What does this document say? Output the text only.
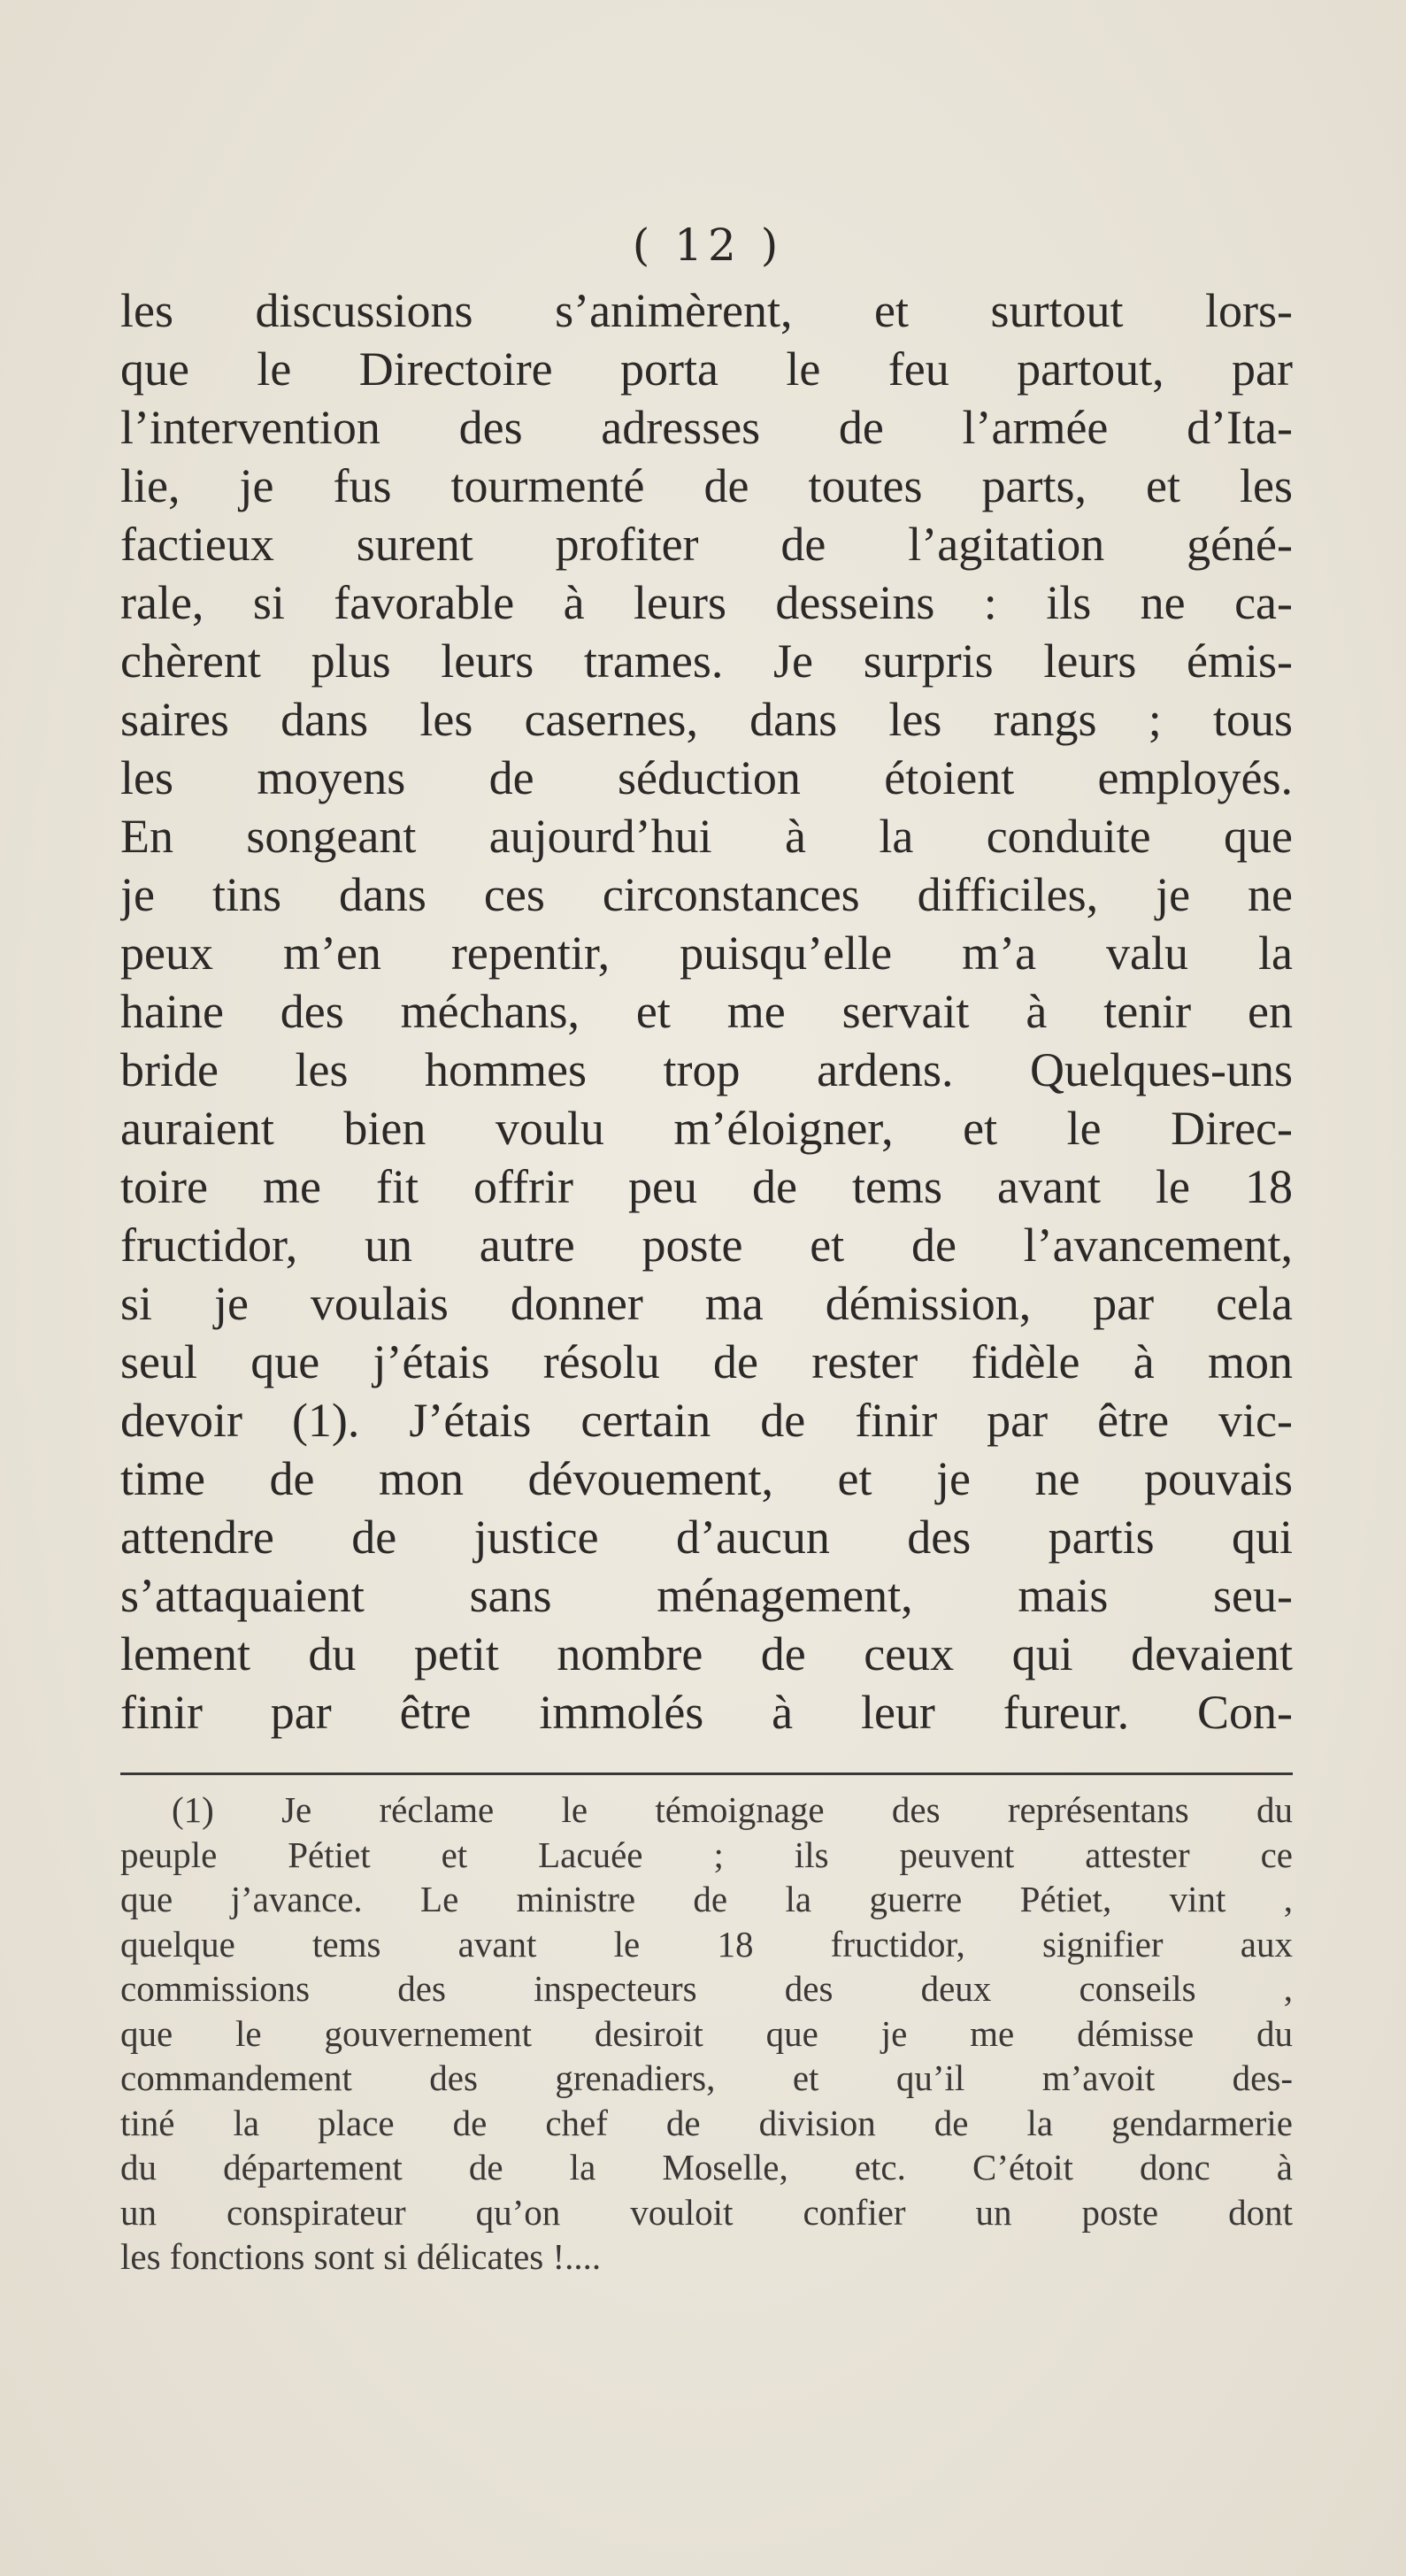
( 12 )
les discussions s’animèrent, et surtout lors-
que le Directoire porta le feu partout, par
l’intervention des adresses de l’armée d’Ita-
lie, je fus tourmenté de toutes parts, et les
factieux surent profiter de l’agitation géné-
rale, si favorable à leurs desseins : ils ne ca-
chèrent plus leurs trames. Je surpris leurs émis-
saires dans les casernes, dans les rangs ; tous
les moyens de séduction étoient employés.
En songeant aujourd’hui à la conduite que
je tins dans ces circonstances difficiles, je ne
peux m’en repentir, puisqu’elle m’a valu la
haine des méchans, et me servait à tenir en
bride les hommes trop ardens. Quelques-uns
auraient bien voulu m’éloigner, et le Direc-
toire me fit offrir peu de tems avant le 18
fructidor, un autre poste et de l’avancement,
si je voulais donner ma démission, par cela
seul que j’étais résolu de rester fidèle à mon
devoir (1). J’étais certain de finir par être vic-
time de mon dévouement, et je ne pouvais
attendre de justice d’aucun des partis qui
s’attaquaient sans ménagement, mais seu-
lement du petit nombre de ceux qui devaient
finir par être immolés à leur fureur. Con-
(1) Je réclame le témoignage des représentans du
peuple Pétiet et Lacuée ; ils peuvent attester ce
que j’avance. Le ministre de la guerre Pétiet, vint ,
quelque tems avant le 18 fructidor, signifier aux
commissions des inspecteurs des deux conseils ,
que le gouvernement desiroit que je me démisse du
commandement des grenadiers, et qu’il m’avoit des-
tiné la place de chef de division de la gendarmerie
du département de la Moselle, etc. C’étoit donc à
un conspirateur qu’on vouloit confier un poste dont
les fonctions sont si délicates !....
